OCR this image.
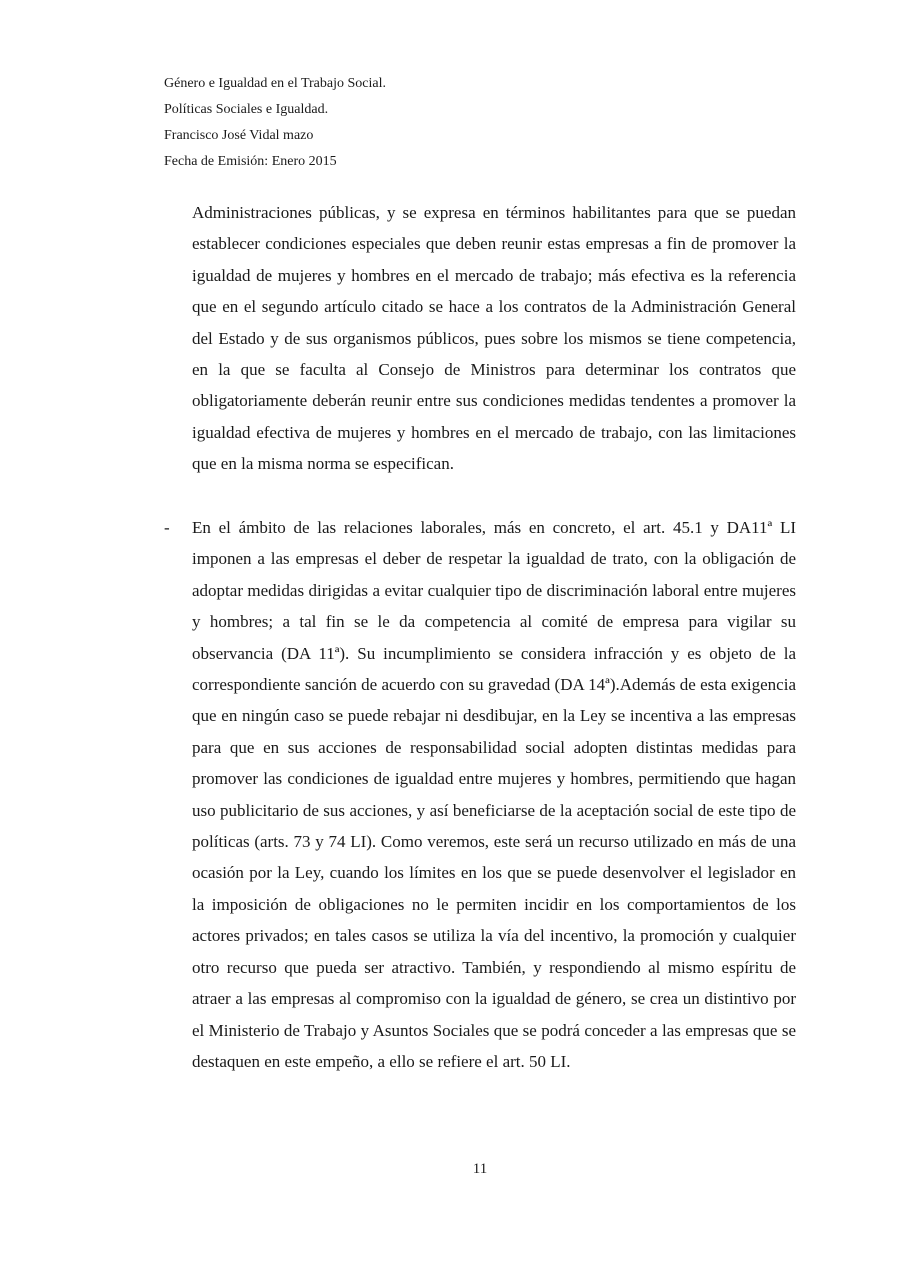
Género e Igualdad en el Trabajo Social.
Políticas Sociales e Igualdad.
Francisco José Vidal mazo
Fecha de Emisión: Enero 2015

Administraciones públicas, y se expresa en términos habilitantes para que se puedan establecer condiciones especiales que deben reunir estas empresas a fin de promover la igualdad de mujeres y hombres en el mercado de trabajo; más efectiva es la referencia que en el segundo artículo citado se hace a los contratos de la Administración General del Estado y de sus organismos públicos, pues sobre los mismos se tiene competencia, en la que se faculta al Consejo de Ministros para determinar los contratos que obligatoriamente deberán reunir entre sus condiciones medidas tendentes a promover la igualdad efectiva de mujeres y hombres en el mercado de trabajo, con las limitaciones que en la misma norma se especifican.

- En el ámbito de las relaciones laborales, más en concreto, el art. 45.1 y DA11ª LI imponen a las empresas el deber de respetar la igualdad de trato, con la obligación de adoptar medidas dirigidas a evitar cualquier tipo de discriminación laboral entre mujeres y hombres; a tal fin se le da competencia al comité de empresa para vigilar su observancia (DA 11ª). Su incumplimiento se considera infracción y es objeto de la correspondiente sanción de acuerdo con su gravedad (DA 14ª).Además de esta exigencia que en ningún caso se puede rebajar ni desdibujar, en la Ley se incentiva a las empresas para que en sus acciones de responsabilidad social adopten distintas medidas para promover las condiciones de igualdad entre mujeres y hombres, permitiendo que hagan uso publicitario de sus acciones, y así beneficiarse de la aceptación social de este tipo de políticas (arts. 73 y 74 LI). Como veremos, este será un recurso utilizado en más de una ocasión por la Ley, cuando los límites en los que se puede desenvolver el legislador en la imposición de obligaciones no le permiten incidir en los comportamientos de los actores privados; en tales casos se utiliza la vía del incentivo, la promoción y cualquier otro recurso que pueda ser atractivo. También, y respondiendo al mismo espíritu de atraer a las empresas al compromiso con la igualdad de género, se crea un distintivo por el Ministerio de Trabajo y Asuntos Sociales que se podrá conceder a las empresas que se destaquen en este empeño, a ello se refiere el art. 50 LI.

11
